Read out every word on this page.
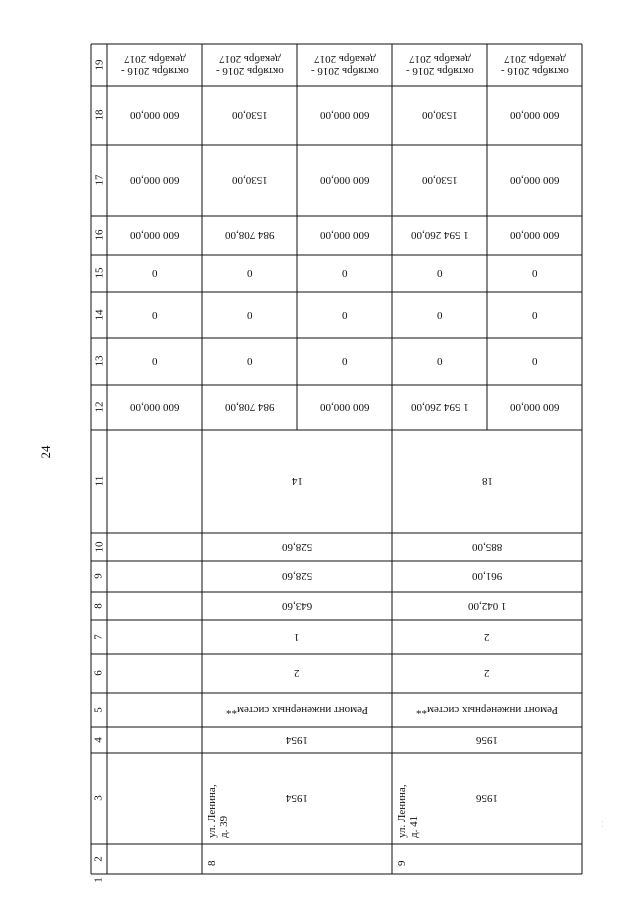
24
19
18
17
16
15
14
13
12
11
10
9
8
7
6
5
4
3
2
1
октябрь 2016 -
декабрь 2017
600 000,00
600 000,00
600 000,00
0
0
0
600 000,00
октябрь 2016 -
декабрь 2017
1530,00
1530,00
984 708,00
0
0
0
984 708,00
октябрь 2016 -
декабрь 2017
600 000,00
600 000,00
600 000,00
0
0
0
600 000,00
октябрь 2016 -
декабрь 2017
1530,00
1530,00
1 594 260,00
0
0
0
1 594 260,00
октябрь 2016 -
декабрь 2017
600 000,00
600 000,00
600 000,00
0
0
0
600 000,00
14
528,60
528,60
643,60
1
2
Ремонт инженерных систем**
1954
1954
ул. Ленина,
д. 39
8
18
885,00
961,00
1 042,00
2
2
Ремонт инженерных систем**
1956
1956
ул. Ленина,
д. 41
9
· ·
